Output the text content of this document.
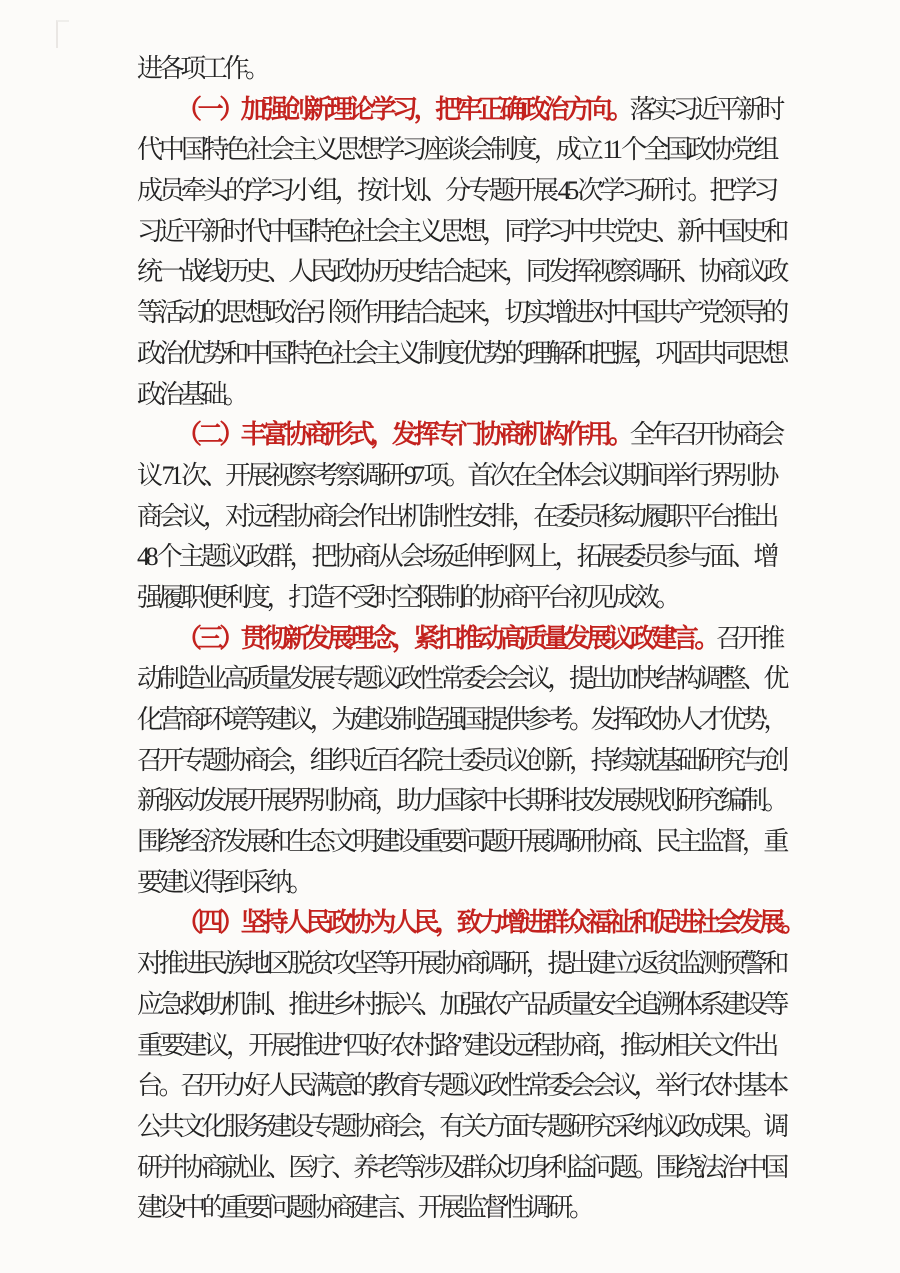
进各项工作。
（一）加强创新理论学习，把牢正确政治方向。落实习近平新时
代中国特色社会主义思想学习座谈会制度，成立 11 个全国政协党组
成员牵头的学习小组，按计划、分专题开展 45 次学习研讨。把学习
习近平新时代中国特色社会主义思想，同学习中共党史、新中国史和
统一战线历史、人民政协历史结合起来，同发挥视察调研、协商议政
等活动的思想政治引领作用结合起来，切实增进对中国共产党领导的
政治优势和中国特色社会主义制度优势的理解和把握，巩固共同思想
政治基础。
（二）丰富协商形式，发挥专门协商机构作用。全年召开协商会
议 71 次、开展视察考察调研 97 项。首次在全体会议期间举行界别协
商会议，对远程协商会作出机制性安排，在委员移动履职平台推出
48 个主题议政群，把协商从会场延伸到网上，拓展委员参与面、增
强履职便利度，打造不受时空限制的协商平台初见成效。
（三）贯彻新发展理念，紧扣推动高质量发展议政建言。召开推
动制造业高质量发展专题议政性常委会会议，提出加快结构调整、优
化营商环境等建议，为建设制造强国提供参考。发挥政协人才优势，
召开专题协商会，组织近百名院士委员议创新，持续就基础研究与创
新驱动发展开展界别协商，助力国家中长期科技发展规划研究编制。
围绕经济发展和生态文明建设重要问题开展调研协商、民主监督，重
要建议得到采纳。
（四）坚持人民政协为人民，致力增进群众福祉和促进社会发展。
对推进民族地区脱贫攻坚等开展协商调研，提出建立返贫监测预警和
应急救助机制、推进乡村振兴、加强农产品质量安全追溯体系建设等
重要建议，开展推进“四好农村路”建设远程协商，推动相关文件出
台。召开办好人民满意的教育专题议政性常委会会议，举行农村基本
公共文化服务建设专题协商会，有关方面专题研究采纳议政成果。调
研并协商就业、医疗、养老等涉及群众切身利益问题。围绕法治中国
建设中的重要问题协商建言、开展监督性调研。
